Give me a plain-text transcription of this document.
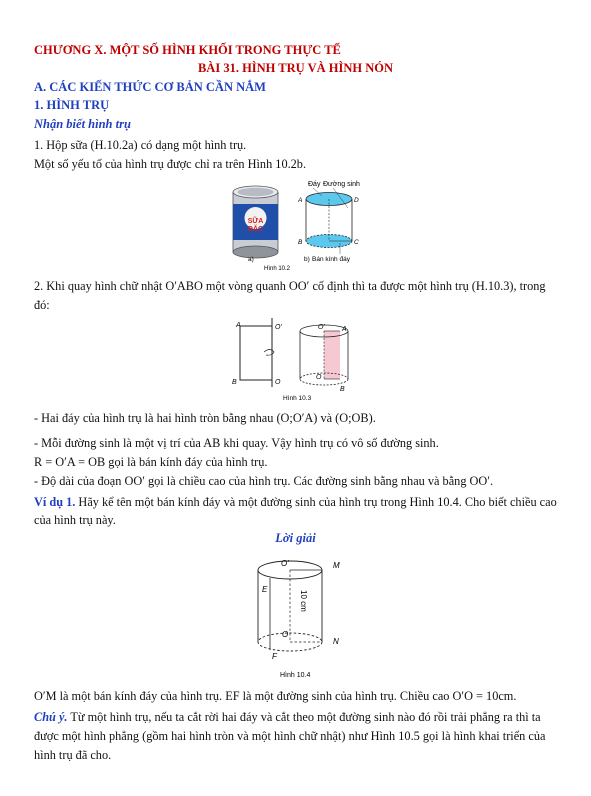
CHƯƠNG X. MỘT SỐ HÌNH KHỐI TRONG THỰC TẾ
BÀI 31. HÌNH TRỤ VÀ HÌNH NÓN
A. CÁC KIẾN THỨC CƠ BẢN CẦN NẮM
1. HÌNH TRỤ
Nhận biết hình trụ
1. Hộp sữa (H.10.2a) có dạng một hình trụ.
Một số yếu tố của hình trụ được chỉ ra trên Hình 10.2b.
SỮA
ĐẶC
Đáy Đường sinh
A	D
B	C
b) Bán kính đáy
a)
Hình 10.2
2. Khi quay hình chữ nhật O′ABO một vòng quanh OO′ cố định thì ta được một hình trụ (H.10.3), trong
đó:
A	O'
B	O
O' A
O
B
Hình 10.3
- Hai đáy của hình trụ là hai hình tròn bằng nhau (O;O′A) và (O;OB).
- Mỗi đường sinh là một vị trí của AB khi quay. Vậy hình trụ có vô số đường sinh.
R = O′A = OB gọi là bán kính đáy của hình trụ.
- Độ dài của đoạn OO′ gọi là chiều cao của hình trụ. Các đường sinh bằng nhau và bằng OO′.
Ví dụ 1. Hãy kể tên một bán kính đáy và một đường sinh của hình trụ trong Hình 10.4. Cho biết chiều cao
của hình trụ này.
Lời giải
O'	M
E
10 cm
O
N
F
Hình 10.4
O′M là một bán kính đáy của hình trụ. EF là một đường sinh của hình trụ. Chiều cao O′O = 10cm.
Chú ý. Từ một hình trụ, nếu ta cắt rời hai đáy và cắt theo một đường sinh nào đó rồi trải phẳng ra thì ta
được một hình phẳng (gồm hai hình tròn và một hình chữ nhật) như Hình 10.5 gọi là hình khai triển của
hình trụ đã cho.
